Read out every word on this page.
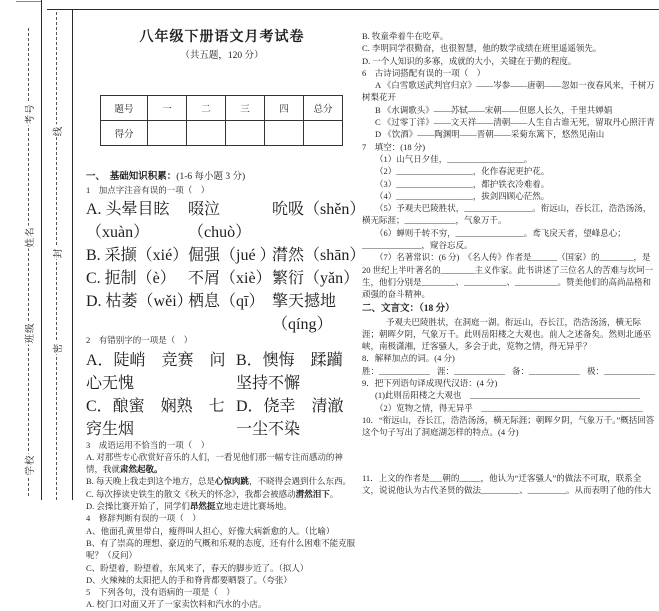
考号
姓名
班级
学校
线
封
密
八年级下册语文月考试卷
（共五题，120 分）
题号	一	二	三	四	总分
得分					
一、　 基础知识积累：(1-6 每小题 3 分)

1　加点字注音有误的一项（　）

A. 头晕目眩（xuàn）
啜泣（chuò）
吮吸（shěn）
B. 采撷（xié） 倔强（jué ）
潸然（shān）
C. 扼制（è） 不屑（xiè） 繁衍（yǎn）
D. 枯萎（wěi）
栖息（qī） 擎天撼地（qíng）

2　有错别字的一项是（　）

A．陡峭　竞赛　问心无愧
B．懊悔　蹂躏　坚持不懈
C．酿蜜　娴熟　七窍生烟
D．侥幸　清澈　一尘不染

3　成语运用不恰当的一项（　）

A. 对那些专心欣赏好音乐的人们，一看见他们那一幅专注而感动的神情，我就肃然起敬。

B. 每天晚上我走到这个地方，总是心惊肉跳，不晓得会遇到什么东西。

C. 每次捧读史铁生的散文《秋天的怀念》，我都会被感动潸然泪下。

D. 会操比赛开始了，同学们昂然挺立地走进比赛场地。

4　修辞判断有误的一项（　）

A、他面孔黄里带白，瘦得叫人担心，好像大病新愈的人。（比喻）

B、有了崇高的理想、豪迈的气概和乐观的态度，还有什么困难不能克服呢？（反问）

C、盼望着，盼望着，东风来了，春天的脚步近了。（拟人）

D、火辣辣的太阳把人的手和脊背都要晒裂了。（夸张）

5　下列各句，没有语病的一项是（　）

A. 校门口对面又开了一家卖饮料和汽水的小店。

B. 牧童牵着牛在吃草。

C. 李明同学很勤奋，也很智慧，他的数学成绩在班里遥遥领先。

D. 一个人知识的多寡，成就的大小，关键在于勤的程度。

6　古诗词搭配有误的一项（　）

A 《白雪歌送武判官归京》——岑参——唐朝——忽如一夜春风来，千树万树梨花开

B 《水调歌头》——苏轼——宋朝——但愿人长久，千里共婵娟

C 《过零丁洋》——文天祥——清朝——人生自古谁无死，留取丹心照汗青

D 《饮酒》——陶渊明——晋朝——采菊东篱下，悠然见南山

7　填空：(18 分)

（1）山气日夕佳，__________________。

（2）__________________，化作春泥更护花。

（3）__________________，都护铁衣冷难着。

（4）__________________，拔剑四顾心茫然。

（5）予观夫巴陵胜状，________________。衔远山，吞长江，浩浩汤汤，横无际涯；____________，气象万千。

（6）蝉则千转不穷，________________。鸢飞戾天者，望峰息心；______________，窥谷忘反。

（7）名著常识：(6 分)　《名人传》作者是______（国家）的________，是 20 世纪上半叶著名的________主义作家。此书讲述了三位名人的苦难与坎坷一生，他们分别是________、__________、__________。赞美他们的高尚品格和顽强的奋斗精神。

二、文言文：（18 分）

予观夫巴陵胜状，在洞庭一湖。衔远山，吞长江，浩浩汤汤，横无际涯；朝晖夕阴，气象万千。此则岳阳楼之大观也。前人之述备矣。然则北通巫峡，南极潇湘，迁客骚人，多会于此，览物之情，得无异乎？

8．解释加点的词。(4 分)

胜：____________ 涯：____________ 备：____________ 极：____________

9．把下列语句译成现代汉语：(4 分)

(1)此则岳阳楼之大观也　________________________________________

（2）览物之情，得无异乎　______________________________________

10．“衔远山，吞长江，浩浩汤汤，横无际涯；朝晖夕阴，气象万千。”概括回答这个句子写出了洞庭湖怎样的特点。(4 分)

11．上文的作者是___朝的_____，他认为“迁客骚人”的做法不可取，联系全文，说说他认为古代圣贤的做法_________、_________。从而表明了他的伟大
